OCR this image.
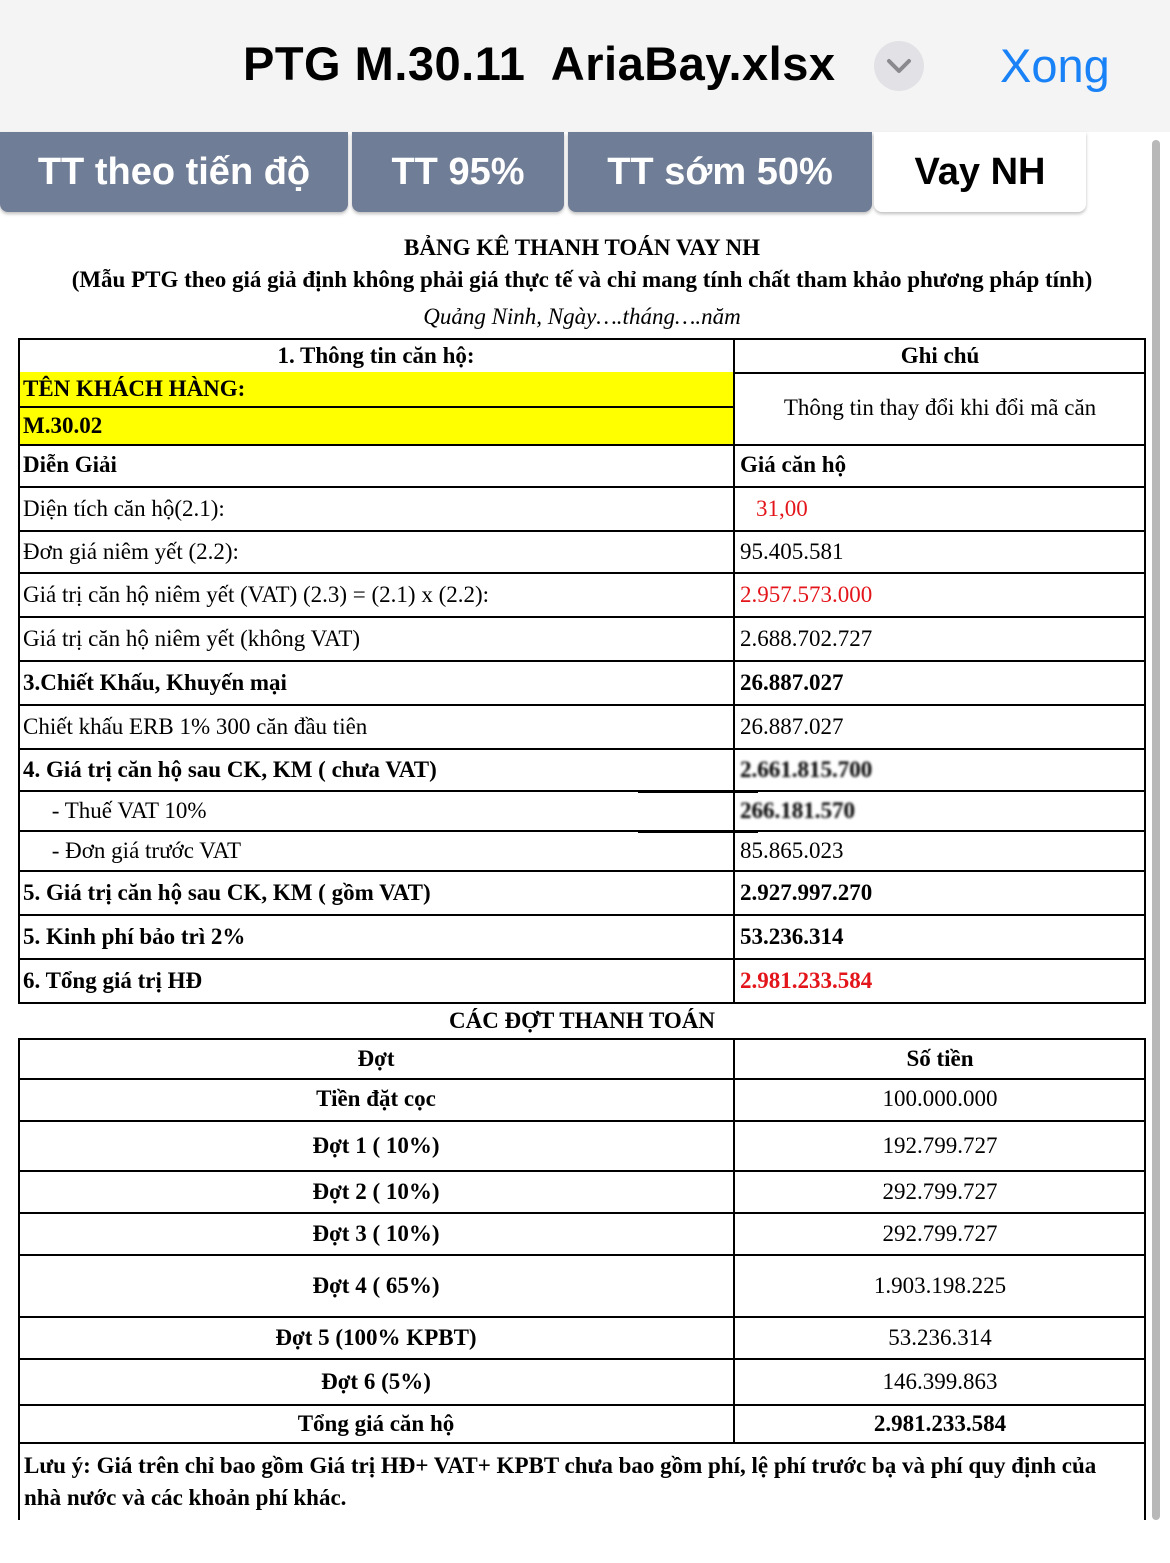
PTG M.30.11  AriaBay.xlsx	Xong
TT theo tiến độ	TT 95%	TT sớm 50%	Vay NH
BẢNG KÊ THANH TOÁN VAY NH
(Mẫu PTG theo giá giả định không phải giá thực tế và chỉ mang tính chất tham khảo phương pháp tính)
Quảng Ninh, Ngày….tháng….năm
1. Thông tin căn hộ:	Ghi chú
TÊN KHÁCH HÀNG:
M.30.02
Thông tin thay đổi khi đổi mã căn
Diễn Giải	Giá căn hộ
Diện tích căn hộ(2.1):	31,00
Đơn giá niêm yết (2.2):	95.405.581
Giá trị căn hộ niêm yết (VAT) (2.3) = (2.1) x (2.2):	2.957.573.000
Giá trị căn hộ niêm yết (không VAT)	2.688.702.727
3.Chiết Khấu, Khuyến mại	26.887.027
Chiết khấu ERB 1% 300 căn đầu tiên	26.887.027
4. Giá trị căn hộ sau CK, KM ( chưa VAT)	2.661.815.700
- Thuế VAT 10%	266.181.570
- Đơn giá trước VAT	85.865.023
5. Giá trị căn hộ sau CK, KM ( gồm VAT)	2.927.997.270
5. Kinh phí bảo trì 2%	53.236.314
6. Tổng giá trị HĐ	2.981.233.584
CÁC ĐỢT THANH TOÁN
Đợt	Số tiền
Tiền đặt cọc	100.000.000
Đợt 1 ( 10%)	192.799.727
Đợt 2 ( 10%)	292.799.727
Đợt 3 ( 10%)	292.799.727
Đợt 4 ( 65%)	1.903.198.225
Đợt 5 (100% KPBT)	53.236.314
Đợt 6 (5%)	146.399.863
Tổng giá căn hộ	2.981.233.584
Lưu ý: Giá trên chỉ bao gồm Giá trị HĐ+ VAT+ KPBT chưa bao gồm phí, lệ phí trước bạ và phí quy định của nhà nước và các khoản phí khác.
